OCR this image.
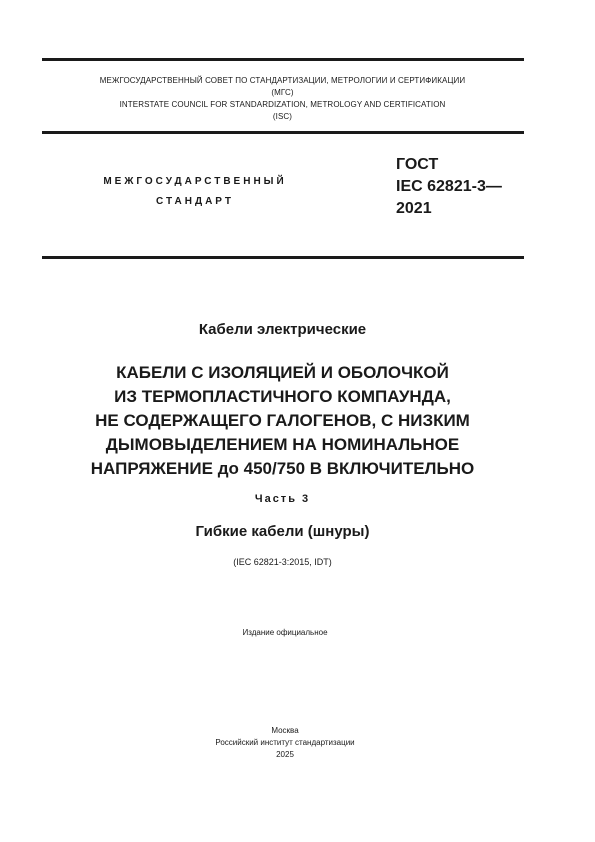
МЕЖГОСУДАРСТВЕННЫЙ СОВЕТ ПО СТАНДАРТИЗАЦИИ, МЕТРОЛОГИИ И СЕРТИФИКАЦИИ
(МГС)
INTERSTATE COUNCIL FOR STANDARDIZATION, METROLOGY AND CERTIFICATION
(ISC)
МЕЖГОСУДАРСТВЕННЫЙ
СТАНДАРТ
ГОСТ
IEC 62821-3—
2021
Кабели электрические
КАБЕЛИ С ИЗОЛЯЦИЕЙ И ОБОЛОЧКОЙ
ИЗ ТЕРМОПЛАСТИЧНОГО КОМПАУНДА,
НЕ СОДЕРЖАЩЕГО ГАЛОГЕНОВ, С НИЗКИМ
ДЫМОВЫДЕЛЕНИЕМ НА НОМИНАЛЬНОЕ
НАПРЯЖЕНИЕ до 450/750 В ВКЛЮЧИТЕЛЬНО
Часть 3
Гибкие кабели (шнуры)
(IEC 62821-3:2015, IDT)
Издание официальное
Москва
Российский институт стандартизации
2025
